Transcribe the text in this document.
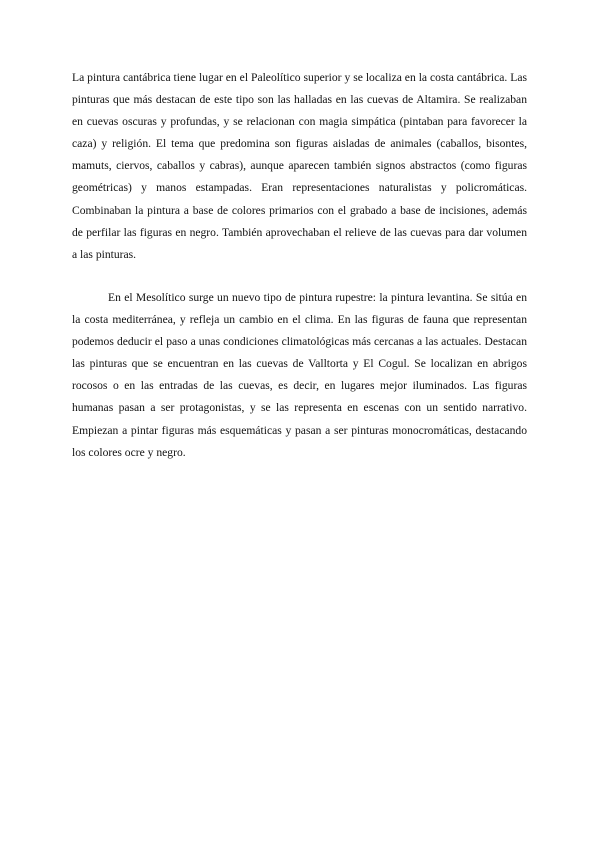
La pintura cantábrica tiene lugar en el Paleolítico superior y se localiza en la costa cantábrica. Las pinturas que más destacan de este tipo son las halladas en las cuevas de Altamira. Se realizaban en cuevas oscuras y profundas, y se relacionan con magia simpática (pintaban para favorecer la caza) y religión. El tema que predomina son figuras aisladas de animales (caballos, bisontes, mamuts, ciervos, caballos y cabras), aunque aparecen también signos abstractos (como figuras geométricas) y manos estampadas. Eran representaciones naturalistas y policromáticas. Combinaban la pintura a base de colores primarios con el grabado a base de incisiones, además de perfilar las figuras en negro. También aprovechaban el relieve de las cuevas para dar volumen a las pinturas.

En el Mesolítico surge un nuevo tipo de pintura rupestre: la pintura levantina. Se sitúa en la costa mediterránea, y refleja un cambio en el clima. En las figuras de fauna que representan podemos deducir el paso a unas condiciones climatológicas más cercanas a las actuales. Destacan las pinturas que se encuentran en las cuevas de Valltorta y El Cogul. Se localizan en abrigos rocosos o en las entradas de las cuevas, es decir, en lugares mejor iluminados. Las figuras humanas pasan a ser protagonistas, y se las representa en escenas con un sentido narrativo. Empiezan a pintar figuras más esquemáticas y pasan a ser pinturas monocromáticas, destacando los colores ocre y negro.
